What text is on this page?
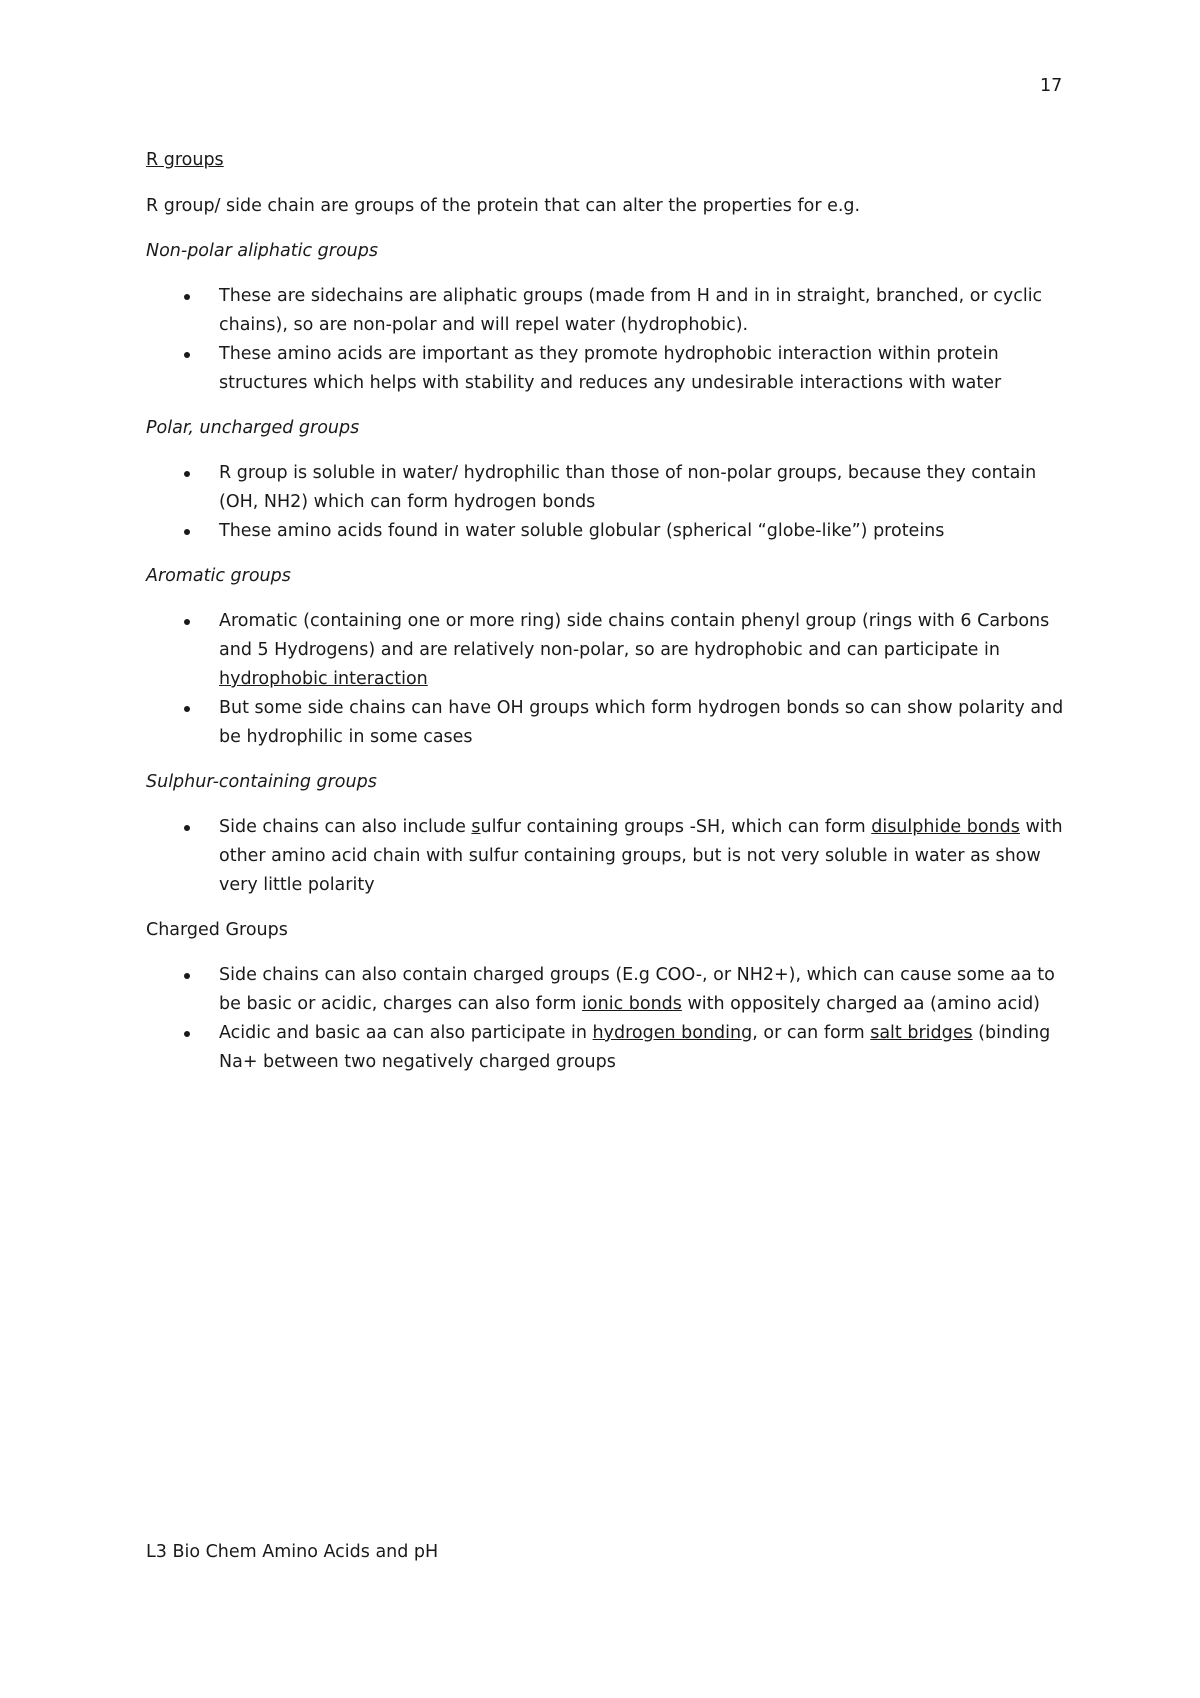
17

R groups

R group/ side chain are groups of the protein that can alter the properties for e.g.

Non-polar aliphatic groups

These are sidechains are aliphatic groups (made from H and in in straight, branched, or cyclic chains), so are non-polar and will repel water (hydrophobic).
These amino acids are important as they promote hydrophobic interaction within protein structures which helps with stability and reduces any undesirable interactions with water

Polar, uncharged groups

R group is soluble in water/ hydrophilic than those of non-polar groups, because they contain (OH, NH2) which can form hydrogen bonds
These amino acids found in water soluble globular (spherical “globe-like”) proteins

Aromatic groups

Aromatic (containing one or more ring) side chains contain phenyl group (rings with 6 Carbons and 5 Hydrogens) and are relatively non-polar, so are hydrophobic and can participate in hydrophobic interaction
But some side chains can have OH groups which form hydrogen bonds so can show polarity and be hydrophilic in some cases

Sulphur-containing groups

Side chains can also include sulfur containing groups -SH, which can form disulphide bonds with other amino acid chain with sulfur containing groups, but is not very soluble in water as show very little polarity

Charged Groups

Side chains can also contain charged groups (E.g COO-, or NH2+), which can cause some aa to be basic or acidic, charges can also form ionic bonds with oppositely charged aa (amino acid)
Acidic and basic aa can also participate in hydrogen bonding, or can form salt bridges (binding Na+ between two negatively charged groups
L3 Bio Chem Amino Acids and pH
